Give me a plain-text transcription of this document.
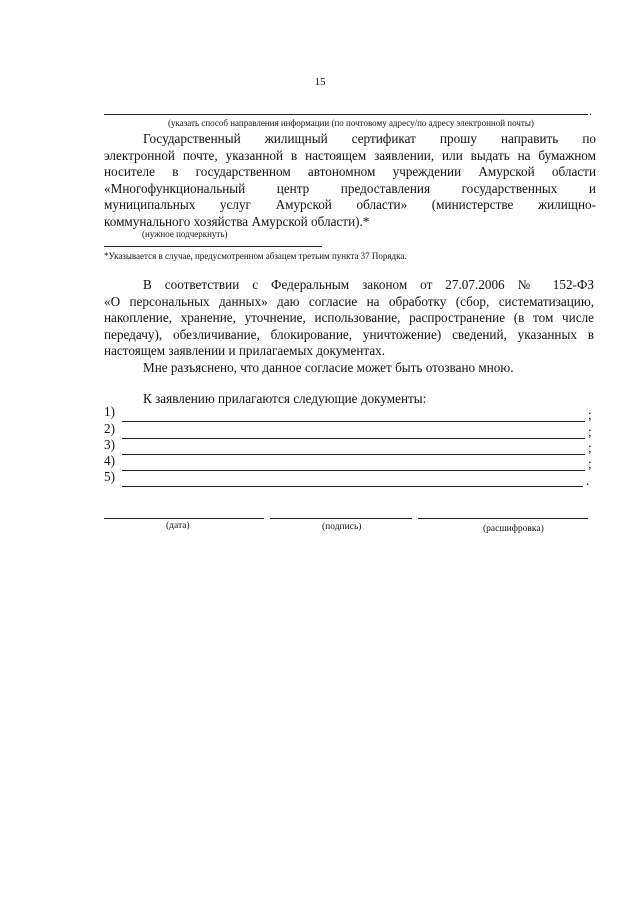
15
.
(указать способ направления информации (по почтовому адресу/по адресу электронной почты)
Государственный жилищный сертификат прошу направить по
электронной почте, указанной в настоящем заявлении, или выдать на бумажном
носителе в государственном автономном учреждении Амурской области
«Многофункциональный центр предоставления государственных и
муниципальных услуг Амурской области» (министерстве жилищно-
коммунального хозяйства Амурской области).*
(нужное подчеркнуть)
*Указывается в случае, предусмотренном абзацем третьим пункта 37 Порядка.
В соответствии с Федеральным законом от 27.07.2006 № 152-ФЗ
«О персональных данных» даю согласие на обработку (сбор, систематизацию,
накопление, хранение, уточнение, использование, распространение (в том числе
передачу), обезличивание, блокирование, уничтожение) сведений, указанных в
настоящем заявлении и прилагаемых документах.
Мне разъяснено, что данное согласие может быть отозвано мною.
К заявлению прилагаются следующие документы:
1)	;
2)	;
3)	;
4)	;
5)	.
(дата)	(подпись)	(расшифровка)
